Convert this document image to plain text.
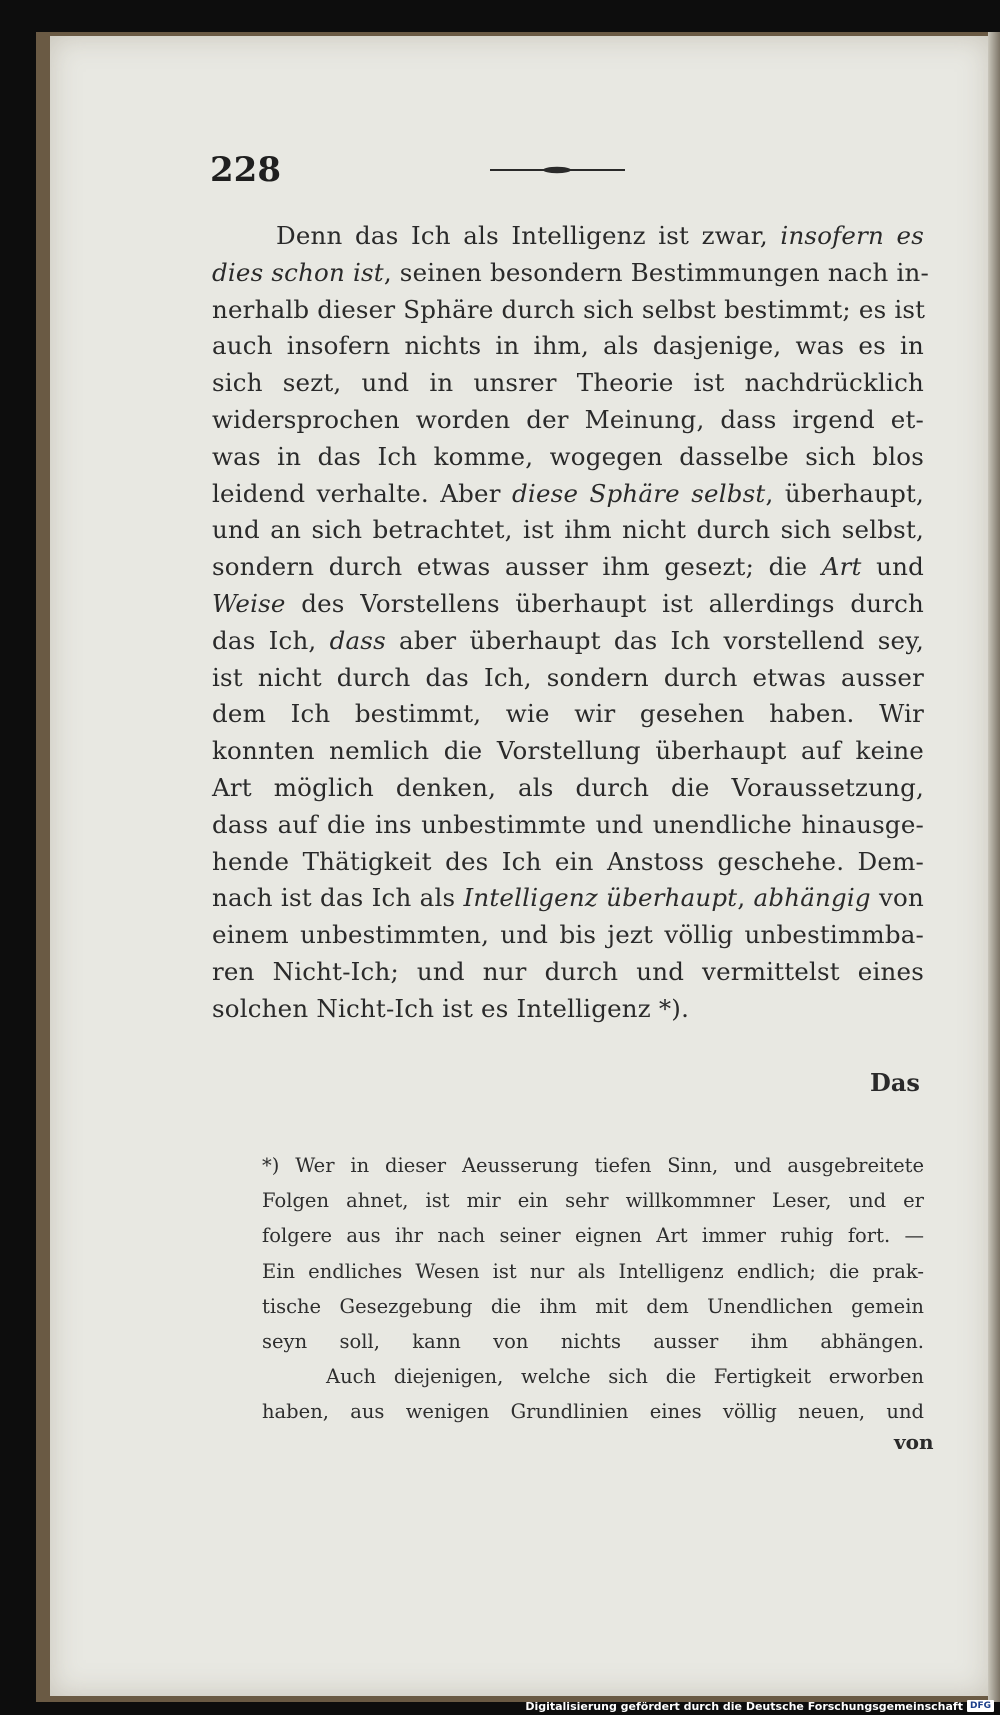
228
Denn das Ich als Intelligenz ist zwar, insofern es
dies schon ist, seinen besondern Bestimmungen nach in-
nerhalb dieser Sphäre durch sich selbst bestimmt; es ist
auch insofern nichts in ihm, als dasjenige, was es in
sich sezt, und in unsrer Theorie ist nachdrücklich
widersprochen worden der Meinung, dass irgend et-
was in das Ich komme, wogegen dasselbe sich blos
leidend verhalte. Aber diese Sphäre selbst, überhaupt,
und an sich betrachtet, ist ihm nicht durch sich selbst,
sondern durch etwas ausser ihm gesezt; die Art und
Weise des Vorstellens überhaupt ist allerdings durch
das Ich, dass aber überhaupt das Ich vorstellend sey,
ist nicht durch das Ich, sondern durch etwas ausser
dem Ich bestimmt, wie wir gesehen haben. Wir
konnten nemlich die Vorstellung überhaupt auf keine
Art möglich denken, als durch die Voraussetzung,
dass auf die ins unbestimmte und unendliche hinausge-
hende Thätigkeit des Ich ein Anstoss geschehe. Dem-
nach ist das Ich als Intelligenz überhaupt, abhängig von
einem unbestimmten, und bis jezt völlig unbestimmba-
ren Nicht-Ich; und nur durch und vermittelst eines
solchen Nicht-Ich ist es Intelligenz *).
Das
*) Wer in dieser Aeusserung tiefen Sinn, und ausgebreitete
Folgen ahnet, ist mir ein sehr willkommner Leser, und er
folgere aus ihr nach seiner eignen Art immer ruhig fort. —
Ein endliches Wesen ist nur als Intelligenz endlich; die prak-
tische Gesezgebung die ihm mit dem Unendlichen gemein
seyn soll, kann von nichts ausser ihm abhängen.
Auch diejenigen, welche sich die Fertigkeit erworben
haben, aus wenigen Grundlinien eines völlig neuen, und
von
Digitalisierung gefördert durch die Deutsche Forschungsgemeinschaft DFG
